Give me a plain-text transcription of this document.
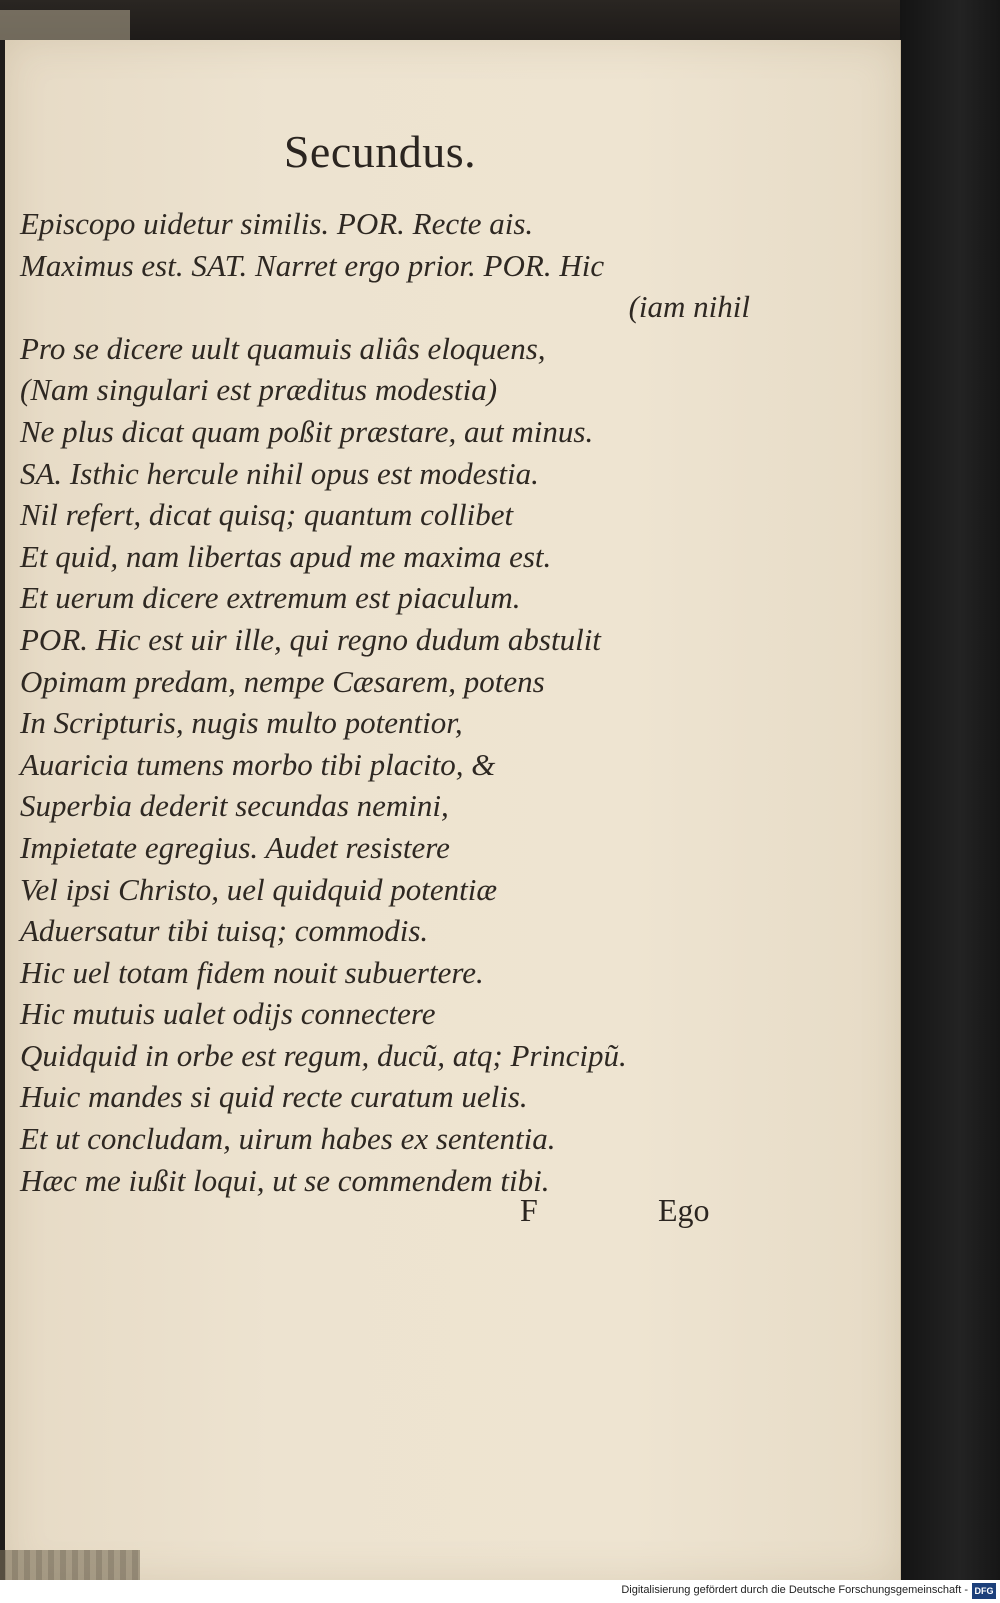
Secundus.
Episcopo uidetur similis. POR. Recte ais.
Maximus est. SAT. Narret ergo prior. POR. Hic
(iam nihil
Pro se dicere uult quamuis aliâs eloquens,
(Nam singulari est præditus modestia)
Ne plus dicat quam poßit præstare, aut minus.
SA. Isthic hercule nihil opus est modestia.
Nil refert, dicat quisq; quantum collibet
Et quid, nam libertas apud me maxima est.
Et uerum dicere extremum est piaculum.
POR. Hic est uir ille, qui regno dudum abstulit
Opimam predam, nempe Cæsarem, potens
In Scripturis, nugis multo potentior,
Auaricia tumens morbo tibi placito, &
Superbia dederit secundas nemini,
Impietate egregius. Audet resistere
Vel ipsi Christo, uel quidquid potentiæ
Aduersatur tibi tuisq; commodis.
Hic uel totam fidem nouit subuertere.
Hic mutuis ualet odijs connectere
Quidquid in orbe est regum, ducũ, atq; Principũ.
Huic mandes si quid recte curatum uelis.
Et ut concludam, uirum habes ex sententia.
Hæc me iußit loqui, ut se commendem tibi.
F	Ego
Digitalisierung gefördert durch die Deutsche Forschungsgemeinschaft - DFG
